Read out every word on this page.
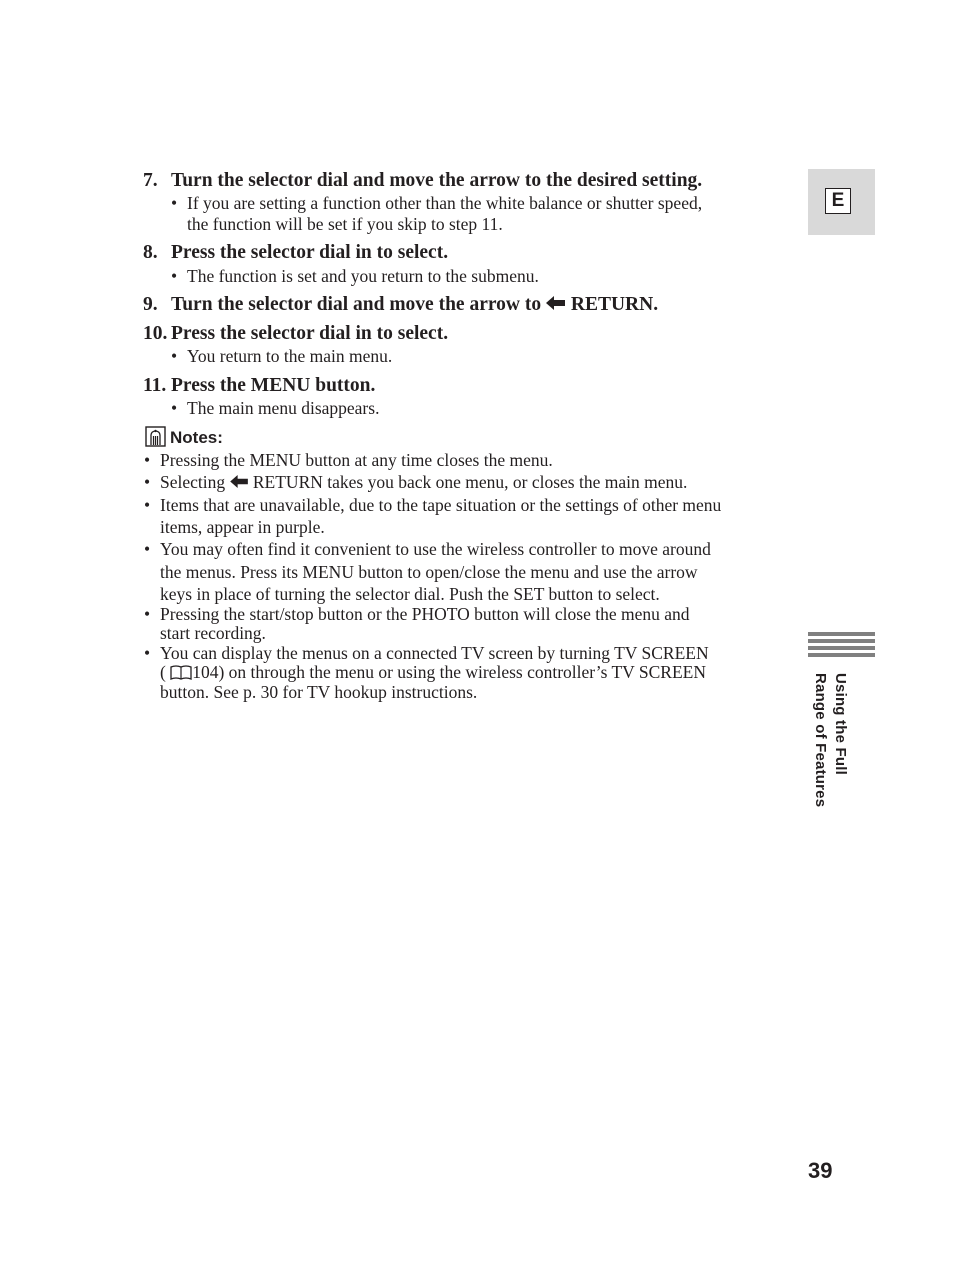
7. Turn the selector dial and move the arrow to the desired setting.
• If you are setting a function other than the white balance or shutter speed,
the function will be set if you skip to step 11.
8. Press the selector dial in to select.
• The function is set and you return to the submenu.
9. Turn the selector dial and move the arrow to RETURN.
10. Press the selector dial in to select.
• You return to the main menu.
11. Press the MENU button.
• The main menu disappears.
Notes:
• Pressing the MENU button at any time closes the menu.
• Selecting RETURN takes you back one menu, or closes the main menu.
• Items that are unavailable, due to the tape situation or the settings of other menu
items, appear in purple.
• You may often find it convenient to use the wireless controller to move around
the menus. Press its MENU button to open/close the menu and use the arrow
keys in place of turning the selector dial. Push the SET button to select.
• Pressing the start/stop button or the PHOTO button will close the menu and
start recording.
• You can display the menus on a connected TV screen by turning TV SCREEN
( 104) on through the menu or using the wireless controller’s TV SCREEN
button. See p. 30 for TV hookup instructions.
E
Using the Full
Range of Features
39
